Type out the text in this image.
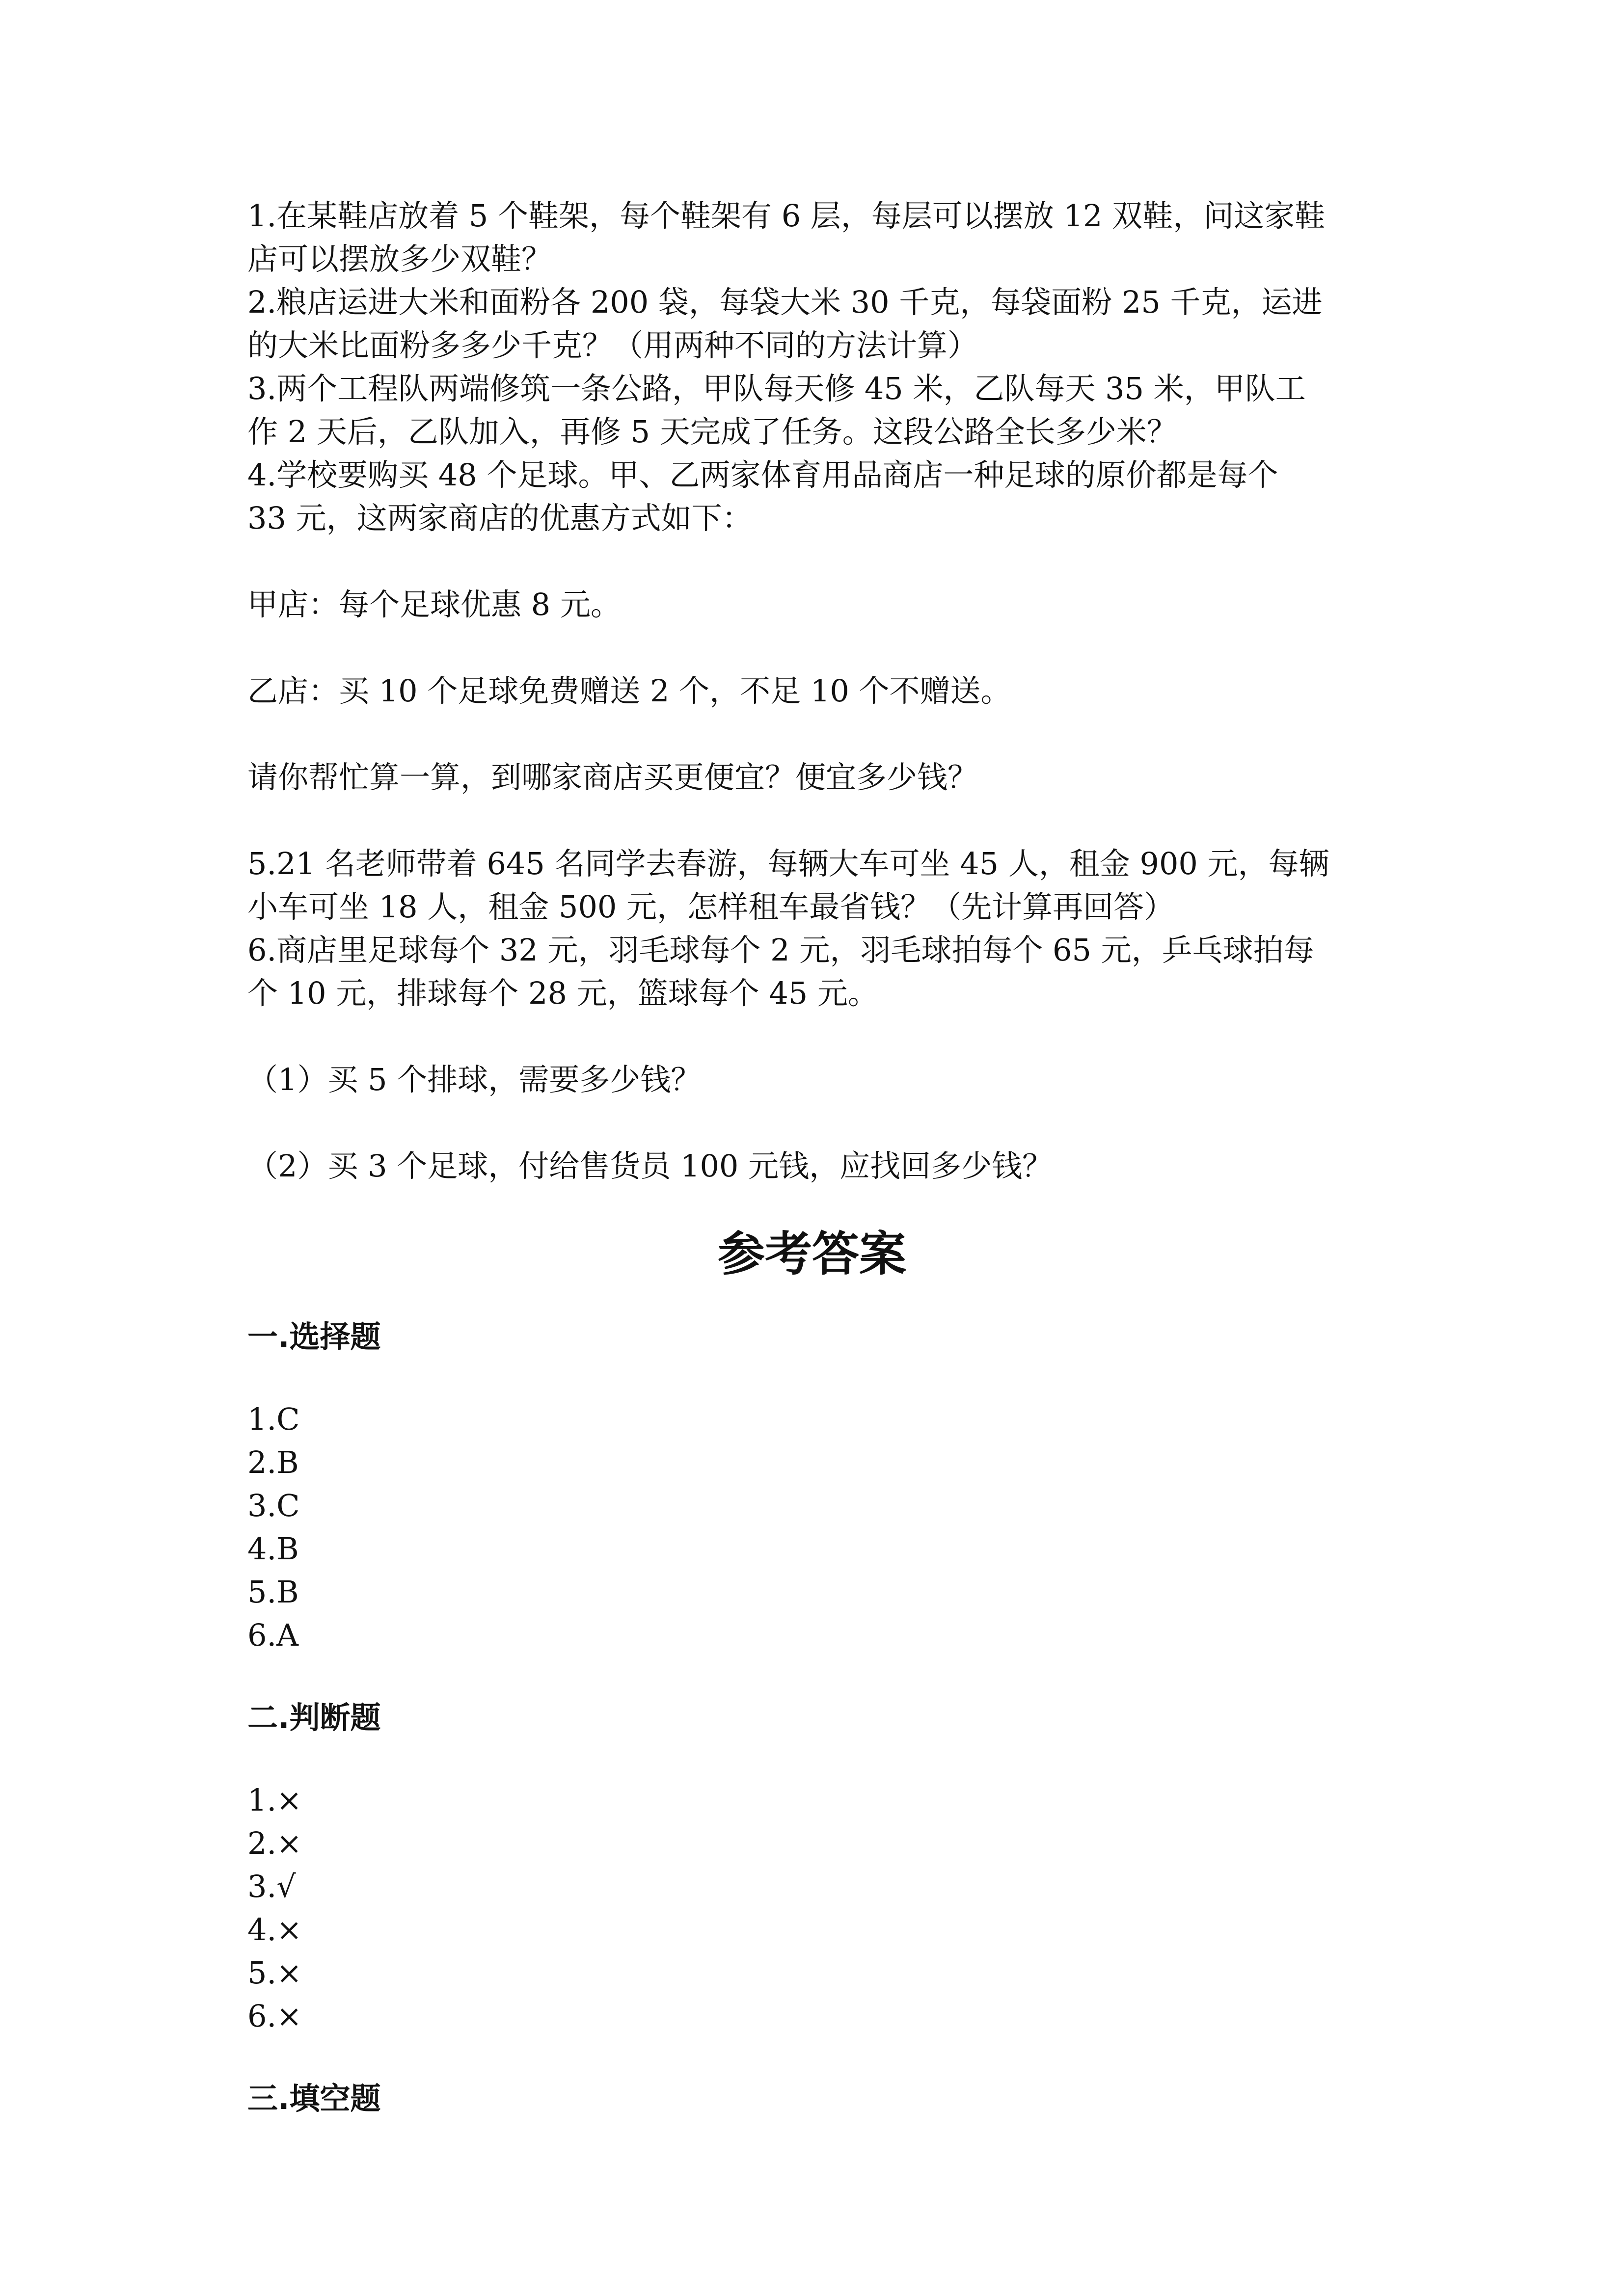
1.在某鞋店放着 5 个鞋架，每个鞋架有 6 层，每层可以摆放 12 双鞋，问这家鞋

店可以摆放多少双鞋？

2.粮店运进大米和面粉各 200 袋，每袋大米 30 千克，每袋面粉 25 千克，运进

的大米比面粉多多少千克？（用两种不同的方法计算）

3.两个工程队两端修筑一条公路，甲队每天修 45 米，乙队每天 35 米，甲队工

作 2 天后，乙队加入，再修 5 天完成了任务。这段公路全长多少米？

4.学校要购买 48 个足球。甲、乙两家体育用品商店一种足球的原价都是每个

33 元，这两家商店的优惠方式如下：

甲店：每个足球优惠 8 元。

乙店：买 10 个足球免费赠送 2 个，不足 10 个不赠送。

请你帮忙算一算，到哪家商店买更便宜？便宜多少钱？

5.21 名老师带着 645 名同学去春游，每辆大车可坐 45 人，租金 900 元，每辆

小车可坐 18 人，租金 500 元，怎样租车最省钱？（先计算再回答）

6.商店里足球每个 32 元，羽毛球每个 2 元，羽毛球拍每个 65 元，乒乓球拍每

个 10 元，排球每个 28 元，篮球每个 45 元。

（1）买 5 个排球，需要多少钱？

（2）买 3 个足球，付给售货员 100 元钱，应找回多少钱？

参考答案
一.选择题

1.C

2.B

3.C

4.B

5.B

6.A

二.判断题

1.×

2.×

3.√

4.×

5.×

6.×

三.填空题
